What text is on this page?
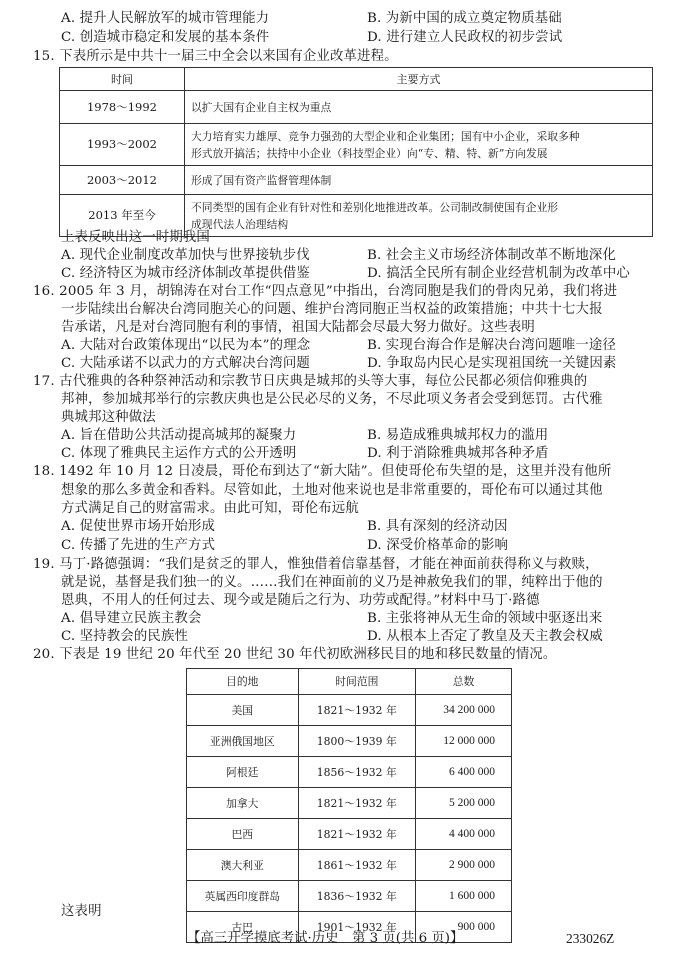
A. 提升人民解放军的城市管理能力	B. 为新中国的成立奠定物质基础
C. 创造城市稳定和发展的基本条件	D. 进行建立人民政权的初步尝试
15. 下表所示是中共十一届三中全会以来国有企业改革进程。
时间	主要方式
1978～1992	以扩大国有企业自主权为重点
1993～2002	大力培育实力雄厚、竞争力强劲的大型企业和企业集团；国有中小企业，采取多种
形式放开搞活；扶持中小企业（科技型企业）向“专、精、特、新”方向发展
2003～2012	形成了国有资产监督管理体制
2013 年至今	不同类型的国有企业有针对性和差别化地推进改革。公司制改制使国有企业形
成现代法人治理结构
上表反映出这一时期我国
A. 现代企业制度改革加快与世界接轨步伐	B. 社会主义市场经济体制改革不断地深化
C. 经济特区为城市经济体制改革提供借鉴	D. 搞活全民所有制企业经营机制为改革中心
16. 2005 年 3 月，胡锦涛在对台工作“四点意见”中指出，台湾同胞是我们的骨肉兄弟，我们将进
一步陆续出台解决台湾同胞关心的问题、维护台湾同胞正当权益的政策措施；中共十七大报
告承诺，凡是对台湾同胞有利的事情，祖国大陆都会尽最大努力做好。这些表明
A. 大陆对台政策体现出“以民为本”的理念	B. 实现台海合作是解决台湾问题唯一途径
C. 大陆承诺不以武力的方式解决台湾问题	D. 争取岛内民心是实现祖国统一关键因素
17. 古代雅典的各种祭神活动和宗教节日庆典是城邦的头等大事，每位公民都必须信仰雅典的
邦神，参加城邦举行的宗教庆典也是公民必尽的义务，不尽此项义务者会受到惩罚。古代雅
典城邦这种做法
A. 旨在借助公共活动提高城邦的凝聚力	B. 易造成雅典城邦权力的滥用
C. 体现了雅典民主运作方式的公开透明	D. 利于消除雅典城邦各种矛盾
18. 1492 年 10 月 12 日凌晨，哥伦布到达了“新大陆”。但使哥伦布失望的是，这里并没有他所
想象的那么多黄金和香料。尽管如此，土地对他来说也是非常重要的，哥伦布可以通过其他
方式满足自己的财富需求。由此可知，哥伦布远航
A. 促使世界市场开始形成	B. 具有深刻的经济动因
C. 传播了先进的生产方式	D. 深受价格革命的影响
19. 马丁·路德强调：“我们是贫乏的罪人，惟独借着信靠基督，才能在神面前获得称义与救赎，
就是说，基督是我们独一的义。……我们在神面前的义乃是神赦免我们的罪，纯粹出于他的
恩典，不用人的任何过去、现今或是随后之行为、功劳或配得。”材料中马丁·路德
A. 倡导建立民族主教会	B. 主张将神从无生命的领域中驱逐出来
C. 坚持教会的民族性	D. 从根本上否定了教皇及天主教会权威
20. 下表是 19 世纪 20 年代至 20 世纪 30 年代初欧洲移民目的地和移民数量的情况。
目的地	时间范围	总数
美国	1821～1932 年	34 200 000
亚洲俄国地区	1800～1939 年	12 000 000
阿根廷	1856～1932 年	6 400 000
加拿大	1821～1932 年	5 200 000
巴西	1821～1932 年	4 400 000
澳大利亚	1861～1932 年	2 900 000
英属西印度群岛	1836～1932 年	1 600 000
古巴	1901～1932 年	900 000
这表明
【高三开学摸底考试·历史　第 3 页(共 6 页)】	233026Z
